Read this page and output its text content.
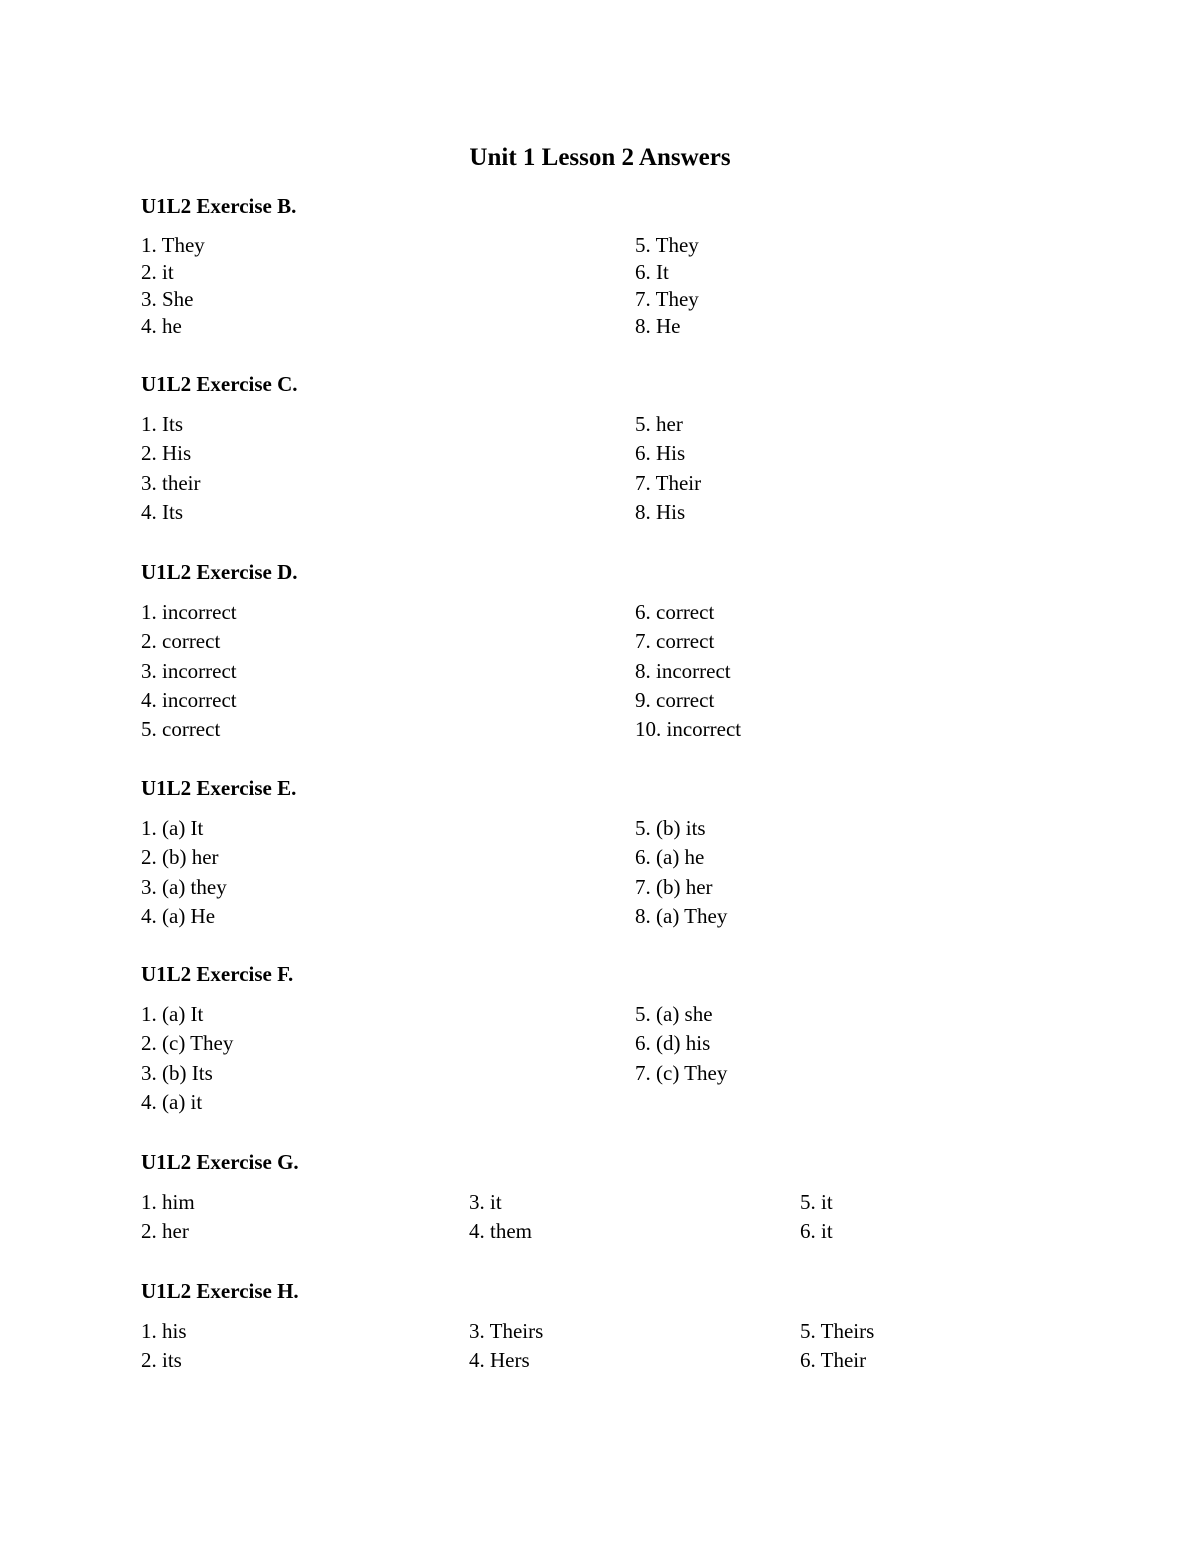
Unit 1 Lesson 2 Answers
U1L2 Exercise B.
1. They
2. it
3. She
4. he
5. They
6. It
7. They
8. He
U1L2 Exercise C.
1. Its
2. His
3. their
4. Its
5. her
6. His
7. Their
8. His
U1L2 Exercise D.
1. incorrect
2. correct
3. incorrect
4. incorrect
5. correct
6. correct
7. correct
8. incorrect
9. correct
10. incorrect
U1L2 Exercise E.
1. (a) It
2. (b) her
3. (a) they
4. (a) He
5. (b) its
6. (a) he
7. (b) her
8. (a) They
U1L2 Exercise F.
1. (a) It
2. (c) They
3. (b) Its
4. (a) it
5. (a) she
6. (d) his
7. (c) They
U1L2 Exercise G.
1. him
2. her
3. it
4. them
5. it
6. it
U1L2 Exercise H.
1. his
2. its
3. Theirs
4. Hers
5. Theirs
6. Their
